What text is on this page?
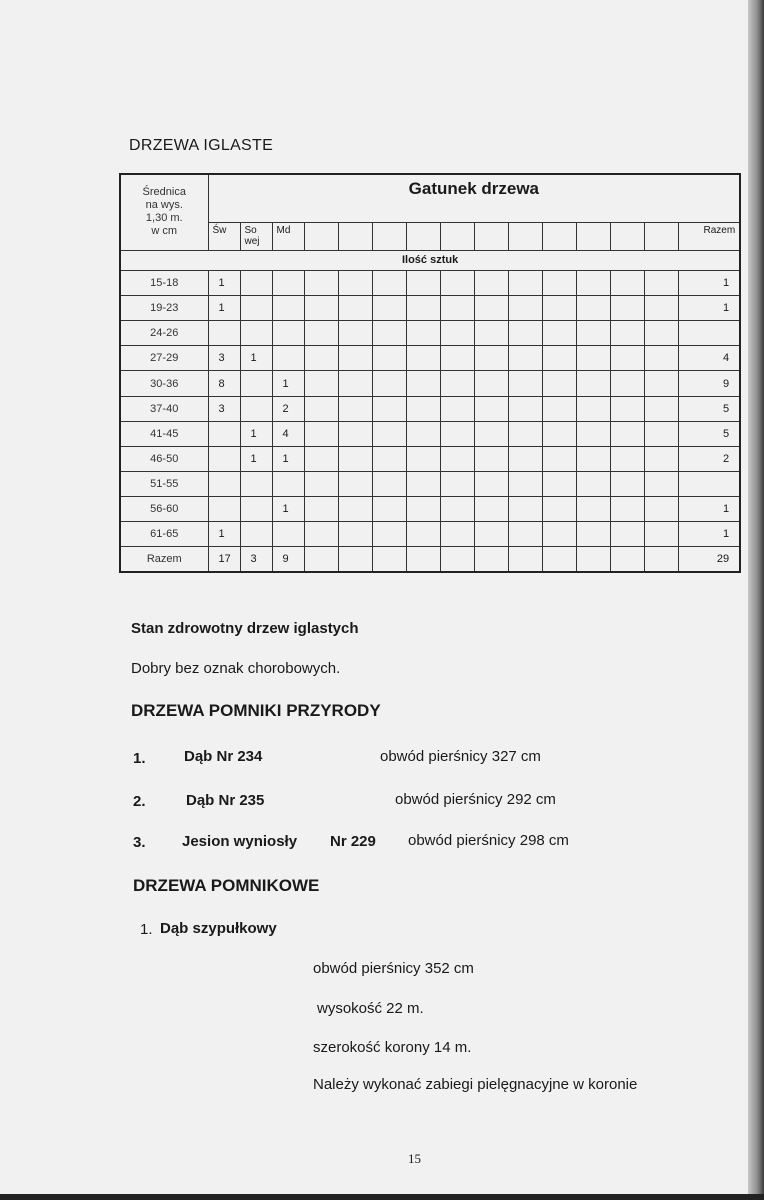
DRZEWA IGLASTE
Średnica
na wys.
1,30 m.
w cm	Gatunek drzewa														
	Św	So wej	Md												Razem
Ilość sztuk															
15-18	1														1
19-23	1														1
24-26															
27-29	3	1													4
30-36	8		1												9
37-40	3		2												5
41-45		1	4												5
46-50		1	1												2
51-55															
56-60			1												1
61-65	1														1
Razem	17	3	9												29
Stan zdrowotny drzew iglastych
Dobry bez oznak chorobowych.
DRZEWA POMNIKI PRZYRODY
1.	Dąb Nr 234	obwód pierśnicy 327 cm
2.	Dąb Nr 235	obwód pierśnicy 292 cm
3. Jesion wyniosły Nr 229 obwód pierśnicy 298 cm
DRZEWA POMNIKOWE
1. Dąb szypułkowy
obwód pierśnicy 352 cm
wysokość 22 m.
szerokość korony 14 m.
Należy wykonać zabiegi pielęgnacyjne w koronie
15
